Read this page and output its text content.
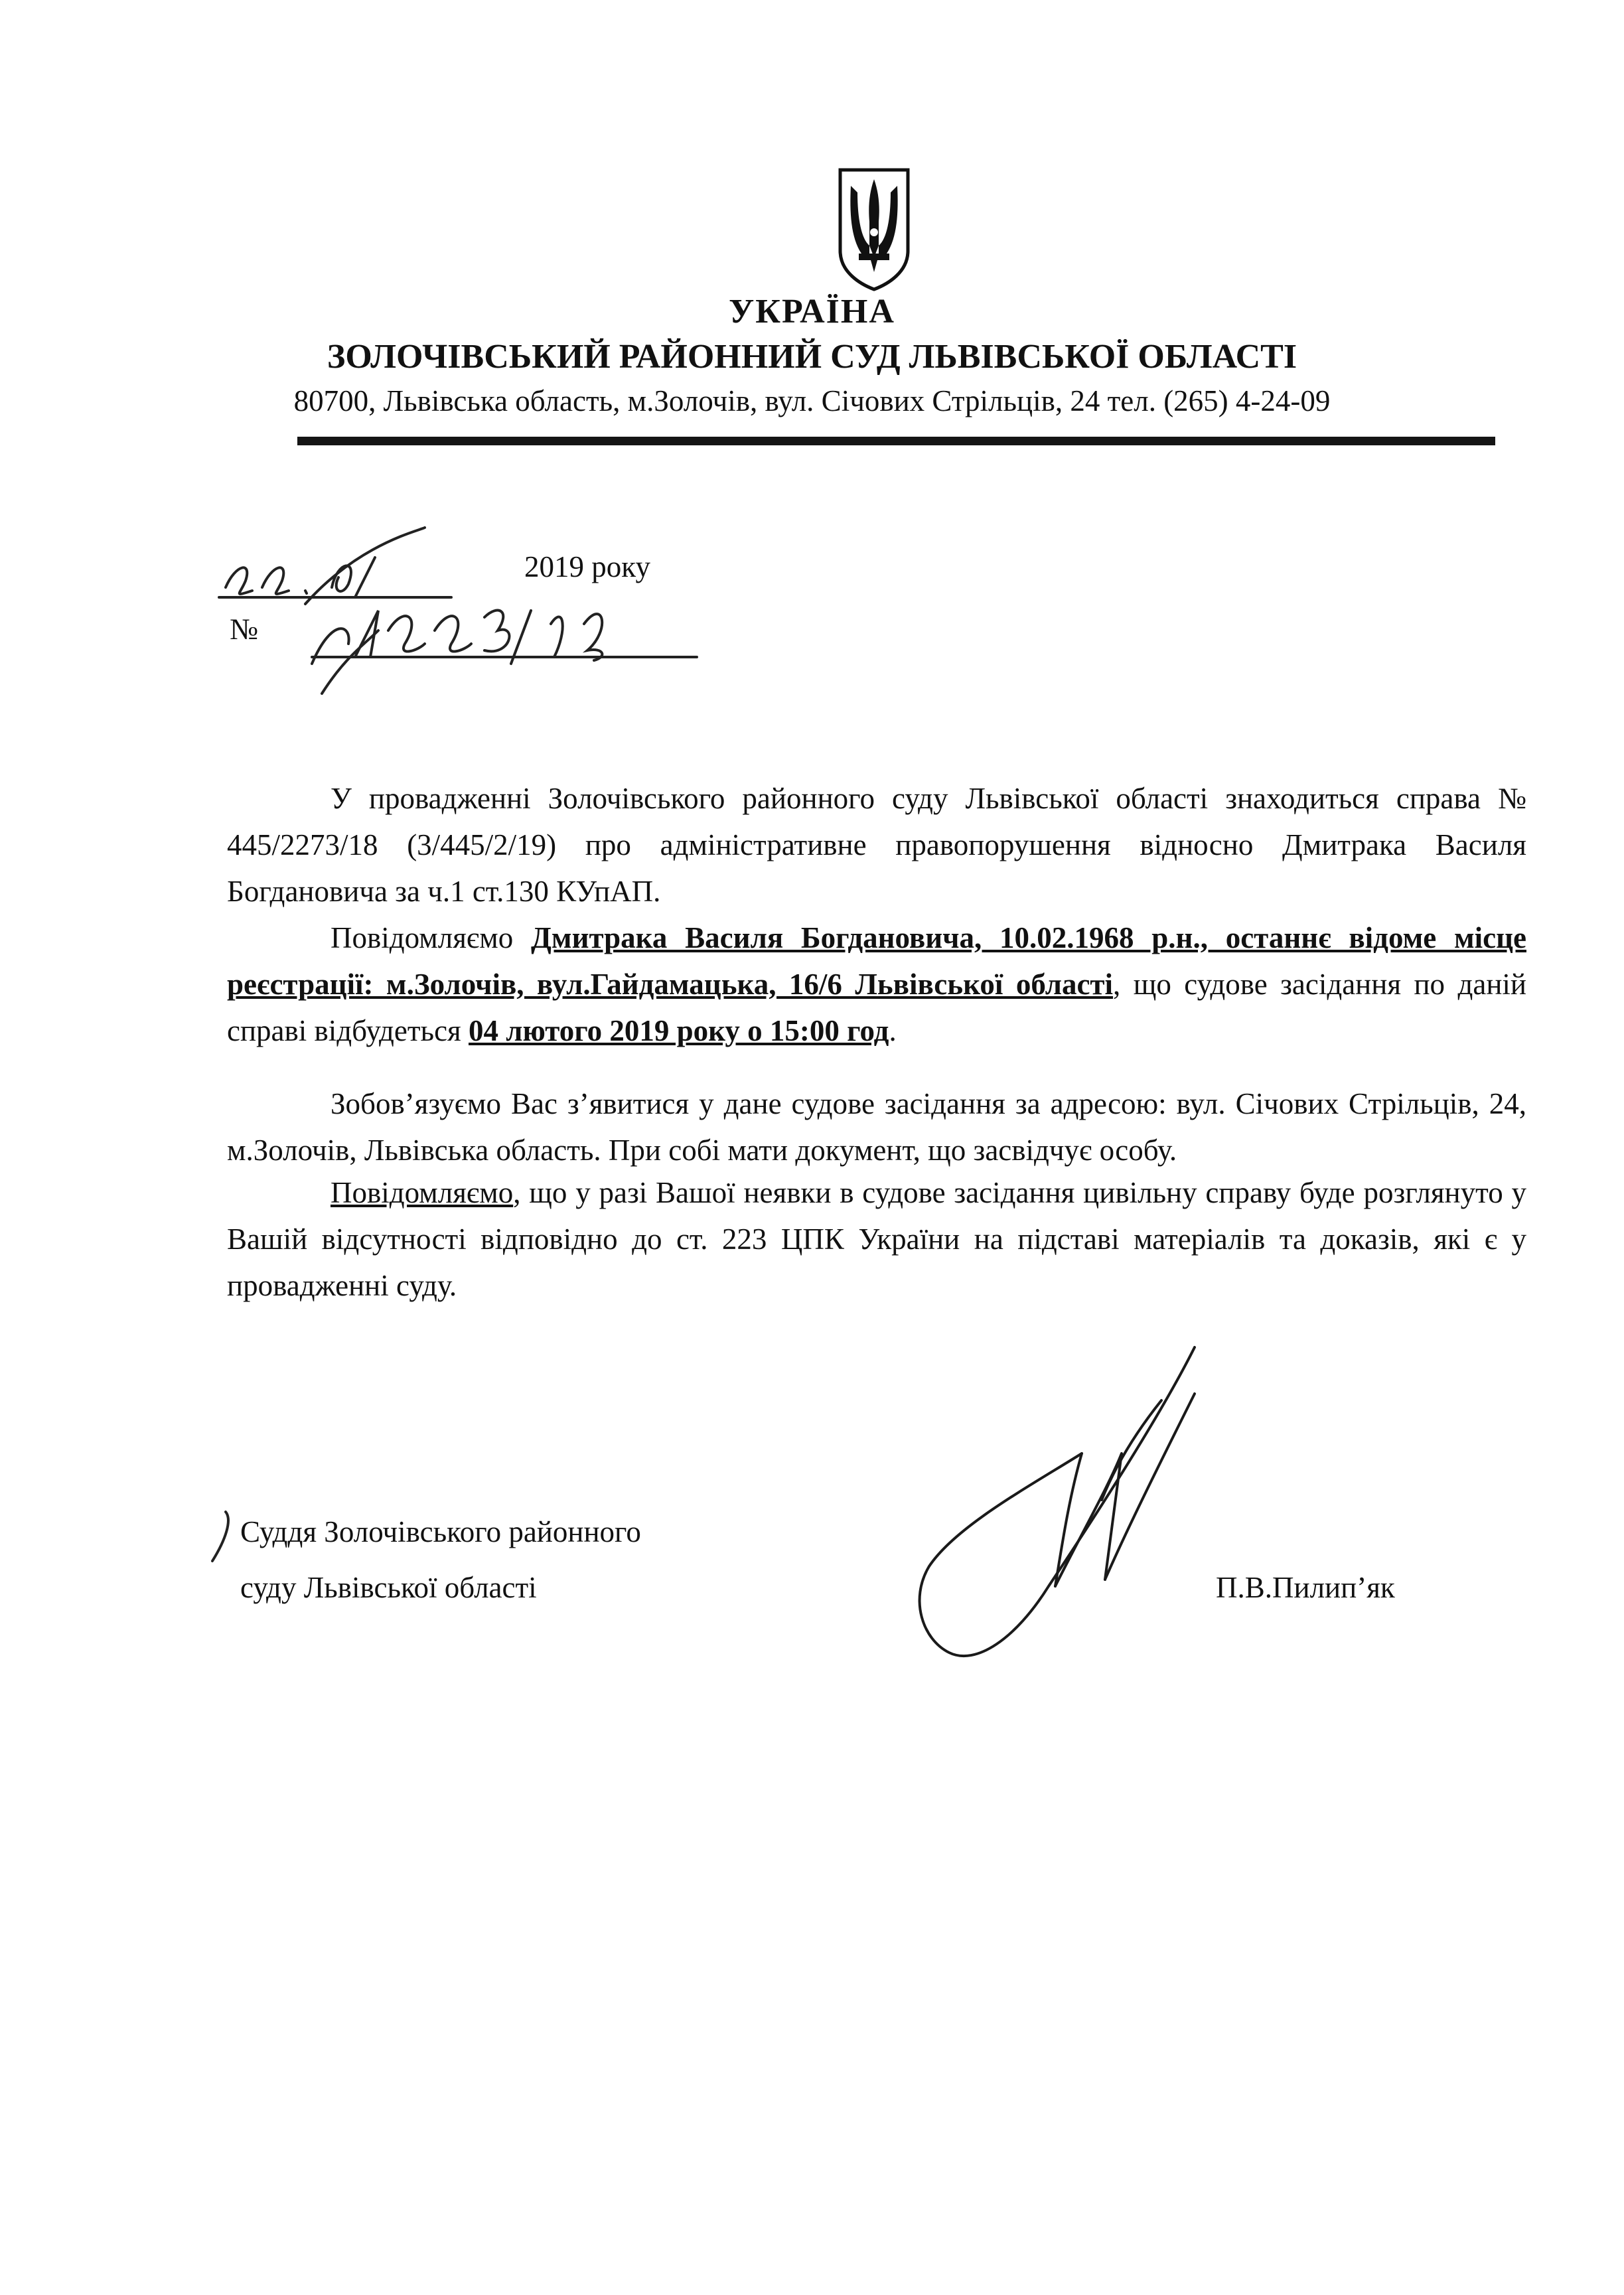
УКРАЇНА
ЗОЛОЧІВСЬКИЙ РАЙОННИЙ СУД ЛЬВІВСЬКОЇ ОБЛАСТІ
80700, Львівська область, м.Золочів, вул. Січових Стрільців, 24 тел. (265) 4-24-09
2019 року
№

У провадженні Золочівського районного суду Львівської області знаходиться справа № 445/2273/18 (3/445/2/19) про адміністративне правопорушення відносно Дмитрака Василя Богдановича за ч.1 ст.130 КУпАП.

Повідомляємо Дмитрака Василя Богдановича, 10.02.1968 р.н., останнє відоме місце реєстрації: м.Золочів, вул.Гайдамацька, 16/6 Львівської області, що судове засідання по даній справі відбудеться 04 лютого 2019 року о 15:00 год.

Зобов’язуємо Вас з’явитися у дане судове засідання за адресою: вул. Січових Стрільців, 24, м.Золочів, Львівська область. При собі мати документ, що засвідчує особу.

Повідомляємо, що у разі Вашої неявки в судове засідання цивільну справу буде розглянуто у Вашій відсутності відповідно до ст. 223 ЦПК України на підставі матеріалів та доказів, які є у провадженні суду.

Суддя Золочівського районного
суду Львівської області	П.В.Пилип’як
